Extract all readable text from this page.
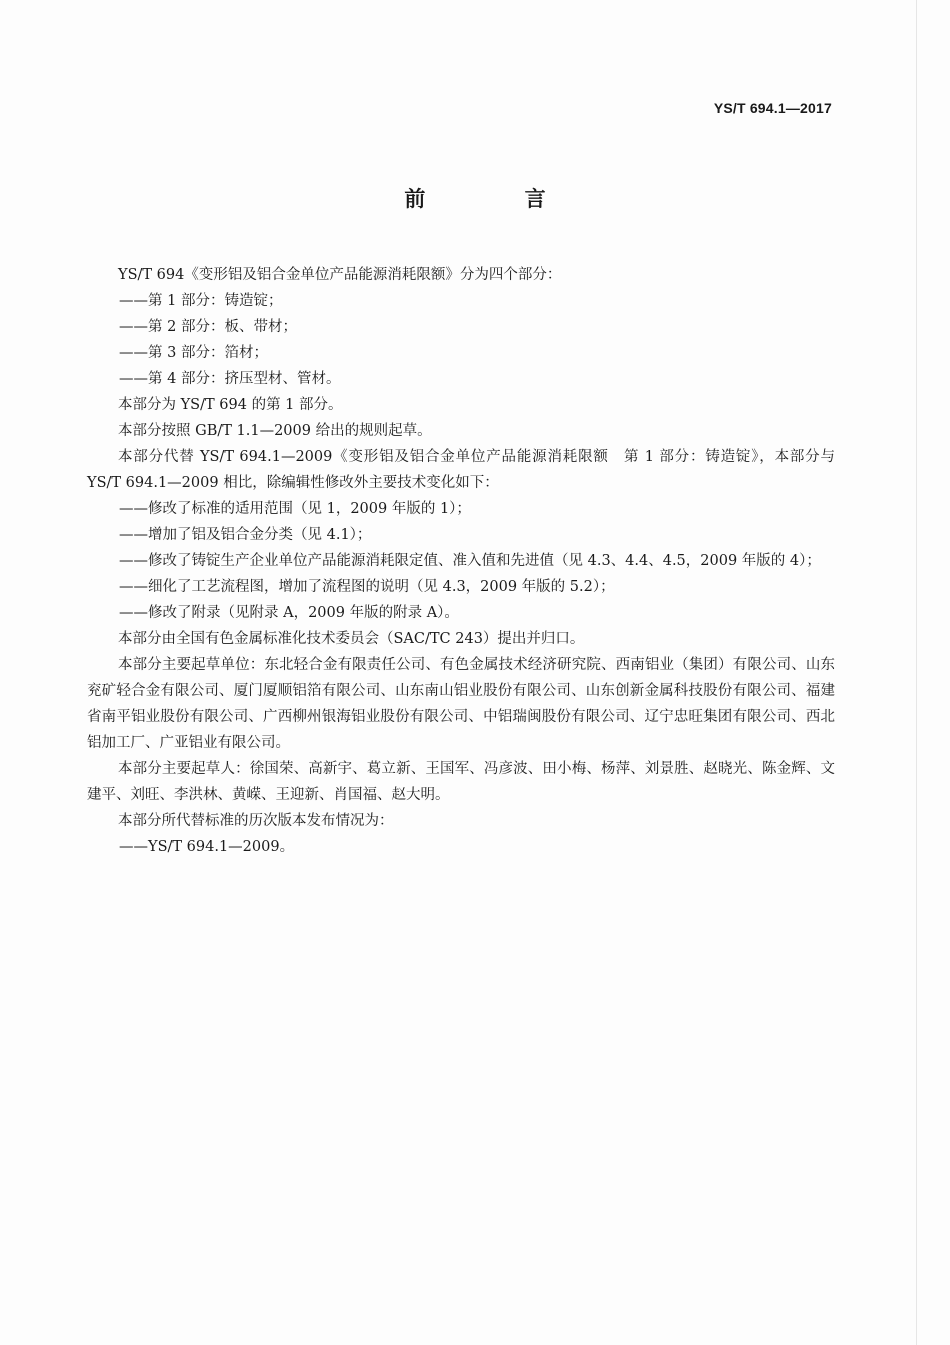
YS/T 694.1—2017
前 言

YS/T 694《变形铝及铝合金单位产品能源消耗限额》分为四个部分：

——第 1 部分：铸造锭；

——第 2 部分：板、带材；

——第 3 部分：箔材；

——第 4 部分：挤压型材、管材。

本部分为 YS/T 694 的第 1 部分。

本部分按照 GB/T 1.1—2009 给出的规则起草。

本部分代替 YS/T 694.1—2009《变形铝及铝合金单位产品能源消耗限额　第 1 部分：铸造锭》，本部分与 YS/T 694.1—2009 相比，除编辑性修改外主要技术变化如下：

——修改了标准的适用范围（见 1，2009 年版的 1）；

——增加了铝及铝合金分类（见 4.1）；

——修改了铸锭生产企业单位产品能源消耗限定值、准入值和先进值（见 4.3、4.4、4.5，2009 年版的 4）；

——细化了工艺流程图，增加了流程图的说明（见 4.3，2009 年版的 5.2）；

——修改了附录（见附录 A，2009 年版的附录 A）。

本部分由全国有色金属标准化技术委员会（SAC/TC 243）提出并归口。

本部分主要起草单位：东北轻合金有限责任公司、有色金属技术经济研究院、西南铝业（集团）有限公司、山东兖矿轻合金有限公司、厦门厦顺铝箔有限公司、山东南山铝业股份有限公司、山东创新金属科技股份有限公司、福建省南平铝业股份有限公司、广西柳州银海铝业股份有限公司、中铝瑞闽股份有限公司、辽宁忠旺集团有限公司、西北铝加工厂、广亚铝业有限公司。

本部分主要起草人：徐国荣、高新宇、葛立新、王国军、冯彦波、田小梅、杨萍、刘景胜、赵晓光、陈金辉、文建平、刘旺、李洪林、黄嵘、王迎新、肖国福、赵大明。

本部分所代替标准的历次版本发布情况为：

——YS/T 694.1—2009。
